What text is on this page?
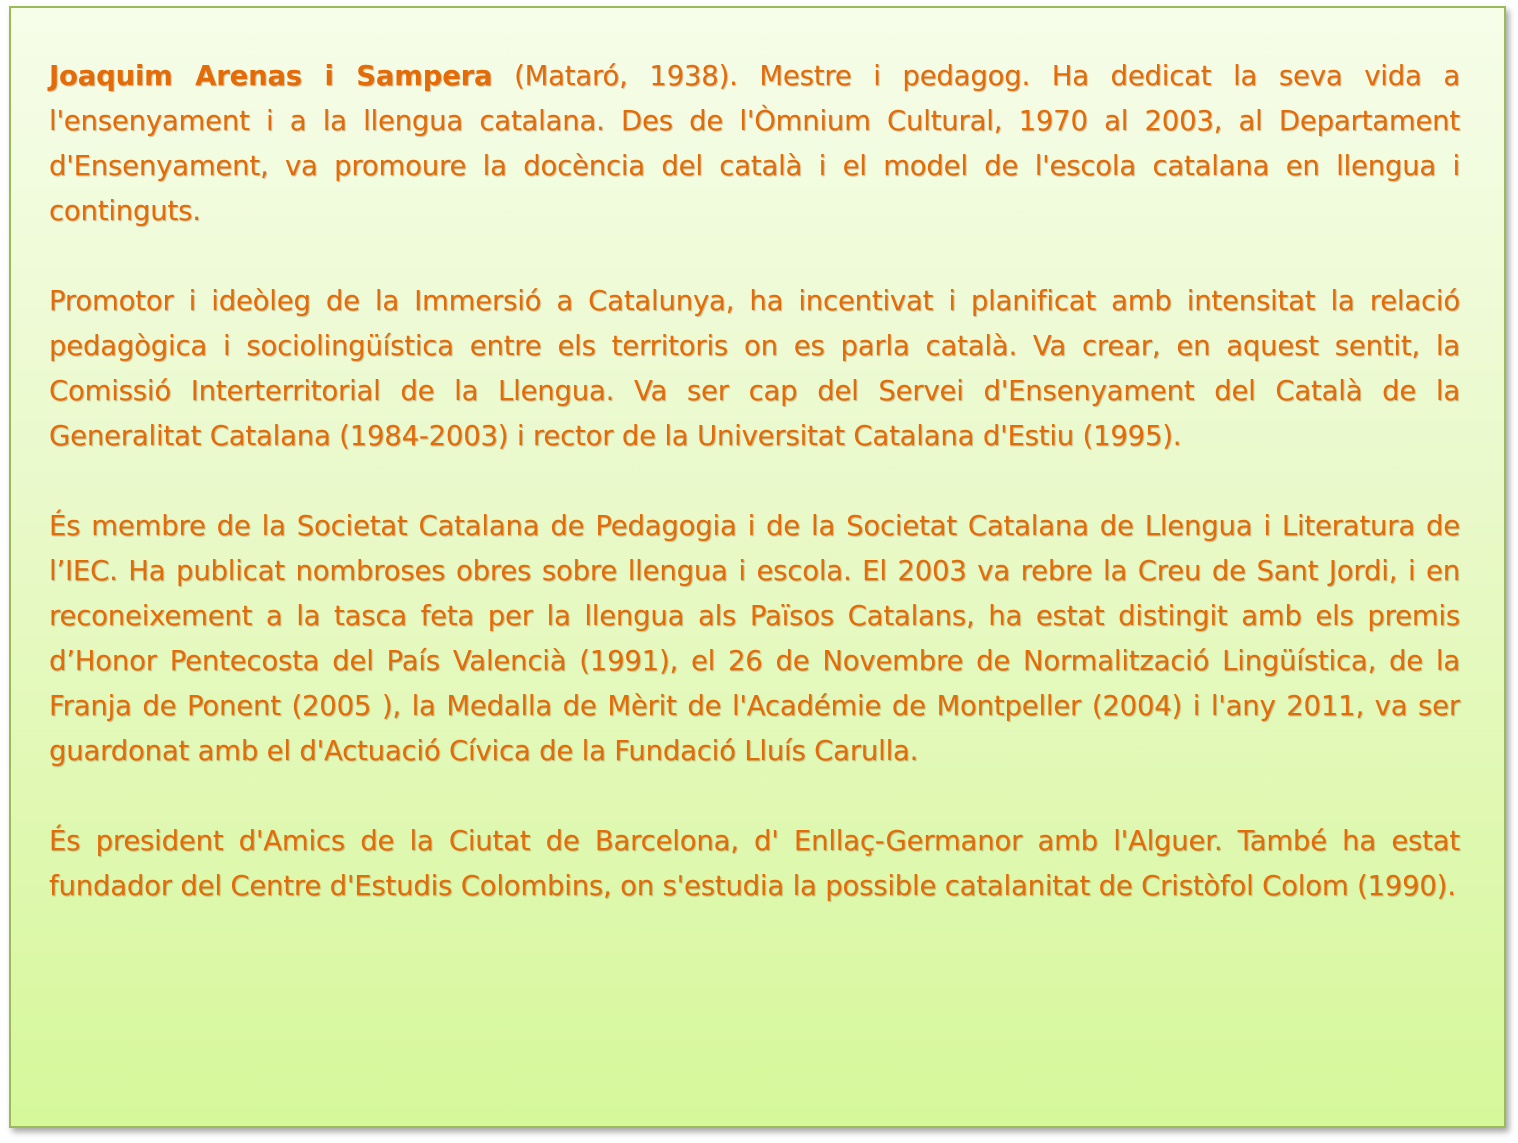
Joaquim Arenas i Sampera (Mataró, 1938). Mestre i pedagog. Ha dedicat la seva vida a l'ensenyament i a la llengua catalana. Des de l'Òmnium Cultural, 1970 al 2003, al Departament d'Ensenyament, va promoure la docència del català i el model de l'escola catalana en llengua i continguts.

Promotor i ideòleg de la Immersió a Catalunya, ha incentivat i planificat amb intensitat la relació pedagògica i sociolingüística entre els territoris on es parla català. Va crear, en aquest sentit, la Comissió Interterritorial de la Llengua. Va ser cap del Servei d'Ensenyament del Català de la Generalitat Catalana (1984-2003) i rector de la Universitat Catalana d'Estiu (1995).

És membre de la Societat Catalana de Pedagogia i de la Societat Catalana de Llengua i Literatura de l’IEC. Ha publicat nombroses obres sobre llengua i escola. El 2003 va rebre la Creu de Sant Jordi, i en reconeixement a la tasca feta per la llengua als Països Catalans, ha estat distingit amb els premis d’Honor Pentecosta del País Valencià (1991), el 26 de Novembre de Normalització Lingüística, de la Franja de Ponent (2005 ), la Medalla de Mèrit de l'Académie de Montpeller (2004) i l'any 2011, va ser guardonat amb el d'Actuació Cívica de la Fundació Lluís Carulla.

És president d'Amics de la Ciutat de Barcelona, d' Enllaç-Germanor amb l'Alguer. També ha estat fundador del Centre d'Estudis Colombins, on s'estudia la possible catalanitat de Cristòfol Colom (1990).
